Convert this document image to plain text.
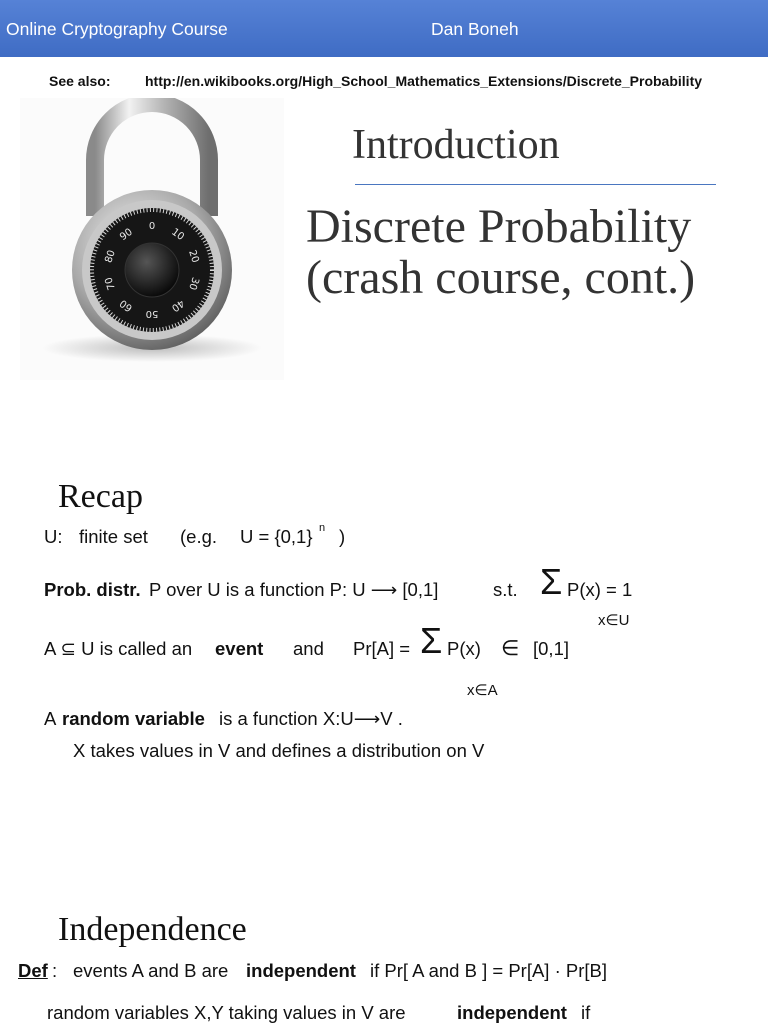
Online Cryptography Course	Dan Boneh
See also: http://en.wikibooks.org/High_School_Mathematics_Extensions/Discrete_Probability
0
10
20
30
40
50
60
70
80
90
Introduction
Discrete Probability
(crash course, cont.)
Recap
U: finite set (e.g. U = {0,1} n )
Prob. distr. P over U is a function P: U ⟶ [0,1]	s.t. Σ P(x) = 1
x∈U
A ⊆ U is called an event and Pr[A] = Σ P(x) ∈ [0,1]
x∈A
A random variable is a function X:U⟶V .
X takes values in V and defines a distribution on V
Independence
Def : events A and B are independent if Pr[ A and B ] = Pr[A] · Pr[B]
random variables X,Y taking values in V are	independent if
